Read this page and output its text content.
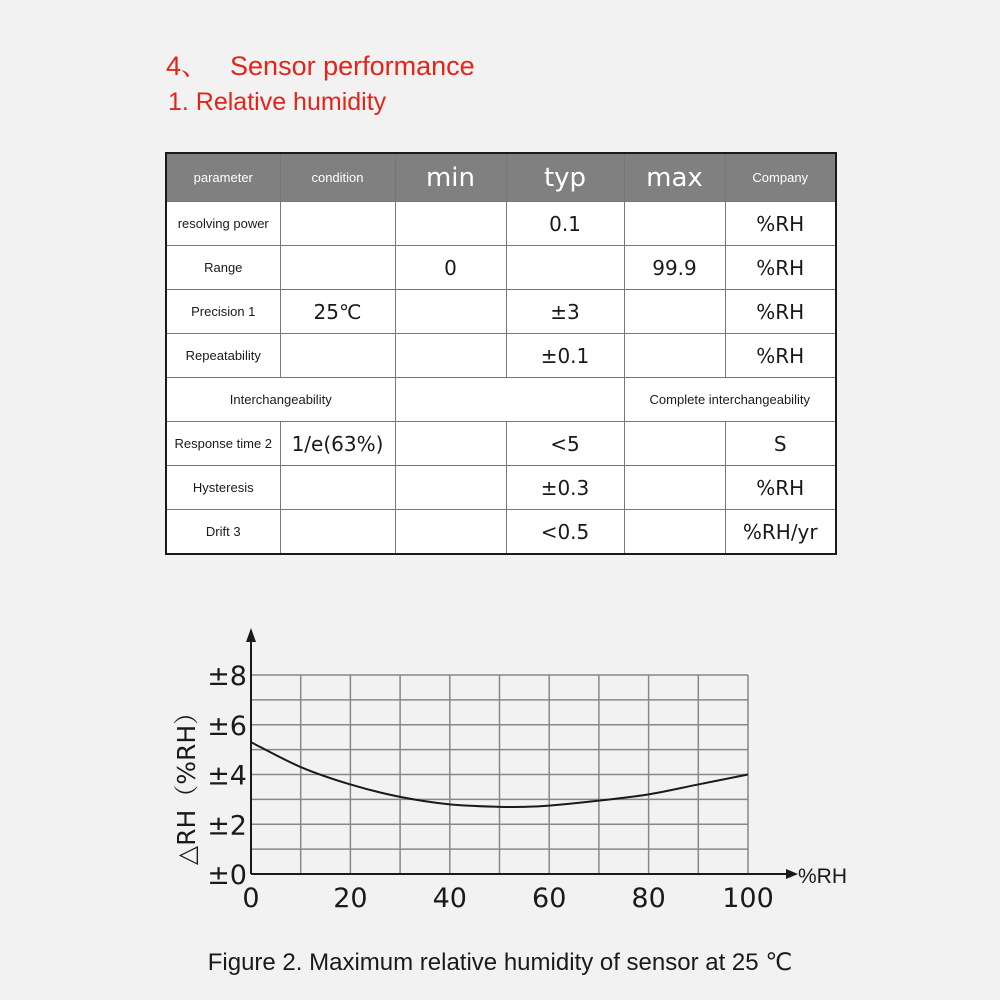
4、 Sensor performance
1. Relative humidity
parameter	condition	min	typ	max	Company
resolving power			0.1		%RH
Range		0		99.9	%RH
Precision 1	25℃		±3		%RH
Repeatability			±0.1		%RH
Interchangeability				Complete interchangeability	
Response time 2	1/e(63%)		<5		S
Hysteresis			±0.3		%RH
Drift 3			<0.5		%RH/yr
0	20 40 60 80 100
±0
±2
±4
±6
±8
%RH
△RH（%RH）
Figure 2. Maximum relative humidity of sensor at 25 ℃
